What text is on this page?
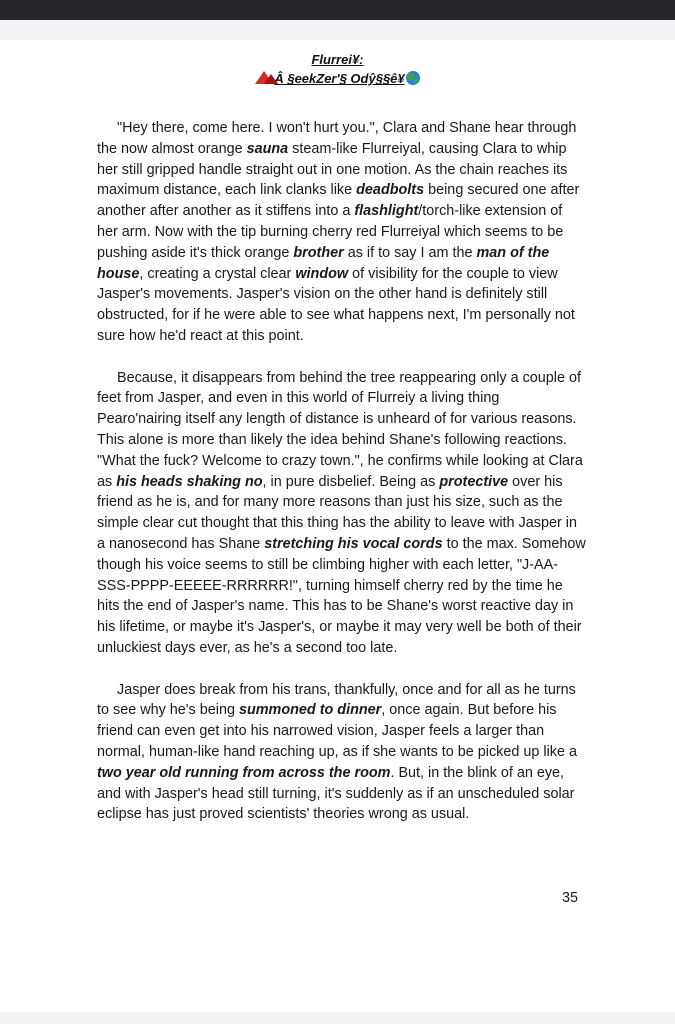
Flurrei¥:
Â §eekZer'§ Odŷ§§ê¥

"Hey there, come here. I won't hurt you.", Clara and Shane hear through the now almost orange sauna steam-like Flurreiyal, causing Clara to whip her still gripped handle straight out in one motion. As the chain reaches its maximum distance, each link clanks like deadbolts being secured one after another after another as it stiffens into a flashlight/torch-like extension of her arm. Now with the tip burning cherry red Flurreiyal which seems to be pushing aside it's thick orange brother as if to say I am the man of the house, creating a crystal clear window of visibility for the couple to view Jasper's movements. Jasper's vision on the other hand is definitely still obstructed, for if he were able to see what happens next, I'm personally not sure how he'd react at this point.

Because, it disappears from behind the tree reappearing only a couple of feet from Jasper, and even in this world of Flurreiy a living thing Pearo'nairing itself any length of distance is unheard of for various reasons. This alone is more than likely the idea behind Shane's following reactions. "What the fuck? Welcome to crazy town.", he confirms while looking at Clara as his heads shaking no, in pure disbelief. Being as protective over his friend as he is, and for many more reasons than just his size, such as the simple clear cut thought that this thing has the ability to leave with Jasper in a nanosecond has Shane stretching his vocal cords to the max. Somehow though his voice seems to still be climbing higher with each letter, "J-AA-SSS-PPPP-EEEEE-RRRRRR!", turning himself cherry red by the time he hits the end of Jasper's name. This has to be Shane's worst reactive day in his lifetime, or maybe it's Jasper's, or maybe it may very well be both of their unluckiest days ever, as he's a second too late.

Jasper does break from his trans, thankfully, once and for all as he turns to see why he's being summoned to dinner, once again. But before his friend can even get into his narrowed vision, Jasper feels a larger than normal, human-like hand reaching up, as if she wants to be picked up like a two year old running from across the room. But, in the blink of an eye, and with Jasper's head still turning, it's suddenly as if an unscheduled solar eclipse has just proved scientists' theories wrong as usual.

35
